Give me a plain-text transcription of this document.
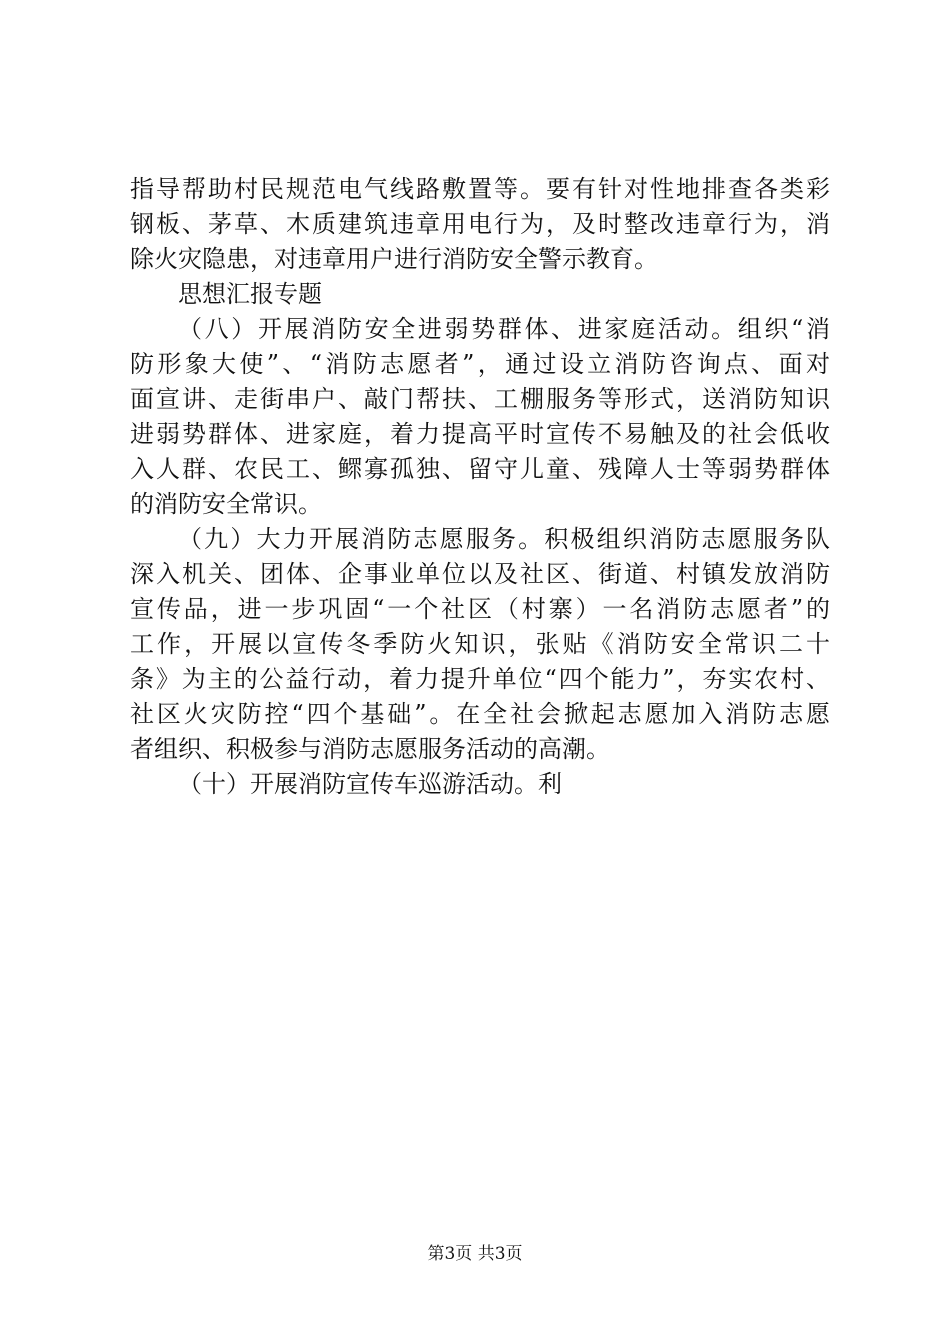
指导帮助村民规范电气线路敷置等。要有针对性地排查各类彩
钢板、茅草、木质建筑违章用电行为，及时整改违章行为，消
除火灾隐患，对违章用户进行消防安全警示教育。
思想汇报专题
（八）开展消防安全进弱势群体、进家庭活动。组织“消
防形象大使”、“消防志愿者”，通过设立消防咨询点、面对
面宣讲、走街串户、敲门帮扶、工棚服务等形式，送消防知识
进弱势群体、进家庭，着力提高平时宣传不易触及的社会低收
入人群、农民工、鳏寡孤独、留守儿童、残障人士等弱势群体
的消防安全常识。
（九）大力开展消防志愿服务。积极组织消防志愿服务队
深入机关、团体、企事业单位以及社区、街道、村镇发放消防
宣传品，进一步巩固“一个社区（村寨）一名消防志愿者”的
工作，开展以宣传冬季防火知识，张贴《消防安全常识二十
条》为主的公益行动，着力提升单位“四个能力”，夯实农村、
社区火灾防控“四个基础”。在全社会掀起志愿加入消防志愿
者组织、积极参与消防志愿服务活动的高潮。
（十）开展消防宣传车巡游活动。利
第3页 共3页
